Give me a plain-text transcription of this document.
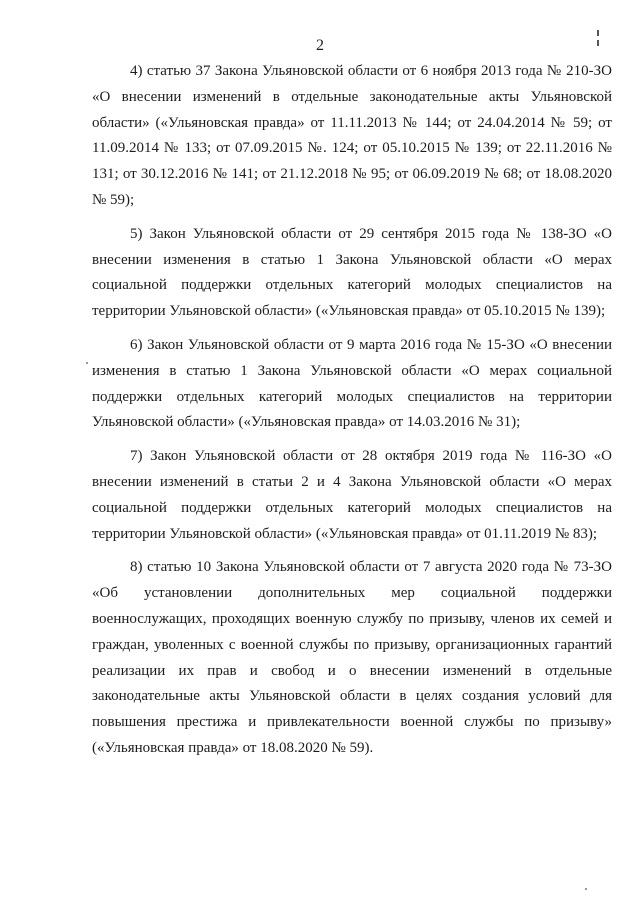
2

4) статью 37 Закона Ульяновской области от 6 ноября 2013 года № 210-ЗО «О внесении изменений в отдельные законодательные акты Ульяновской области» («Ульяновская правда» от 11.11.2013 № 144; от 24.04.2014 № 59; от 11.09.2014 № 133; от 07.09.2015 №. 124; от 05.10.2015 № 139; от 22.11.2016 № 131; от 30.12.2016 № 141; от 21.12.2018 № 95; от 06.09.2019 № 68; от 18.08.2020 № 59);

5) Закон Ульяновской области от 29 сентября 2015 года № 138-ЗО «О внесении изменения в статью 1 Закона Ульяновской области «О мерах социальной поддержки отдельных категорий молодых специалистов на территории Ульяновской области» («Ульяновская правда» от 05.10.2015 № 139);

6) Закон Ульяновской области от 9 марта 2016 года № 15-ЗО «О внесении изменения в статью 1 Закона Ульяновской области «О мерах социальной поддержки отдельных категорий молодых специалистов на территории Ульяновской области» («Ульяновская правда» от 14.03.2016 № 31);

7) Закон Ульяновской области от 28 октября 2019 года № 116-ЗО «О внесении изменений в статьи 2 и 4 Закона Ульяновской области «О мерах социальной поддержки отдельных категорий молодых специалистов на территории Ульяновской области» («Ульяновская правда» от 01.11.2019 № 83);

8) статью 10 Закона Ульяновской области от 7 августа 2020 года № 73-ЗО «Об установлении дополнительных мер социальной поддержки военнослужащих, проходящих военную службу по призыву, членов их семей и граждан, уволенных с военной службы по призыву, организационных гарантий реализации их прав и свобод и о внесении изменений в отдельные законодательные акты Ульяновской области в целях создания условий для повышения престижа и привлекательности военной службы по призыву» («Ульяновская правда» от 18.08.2020 № 59).
